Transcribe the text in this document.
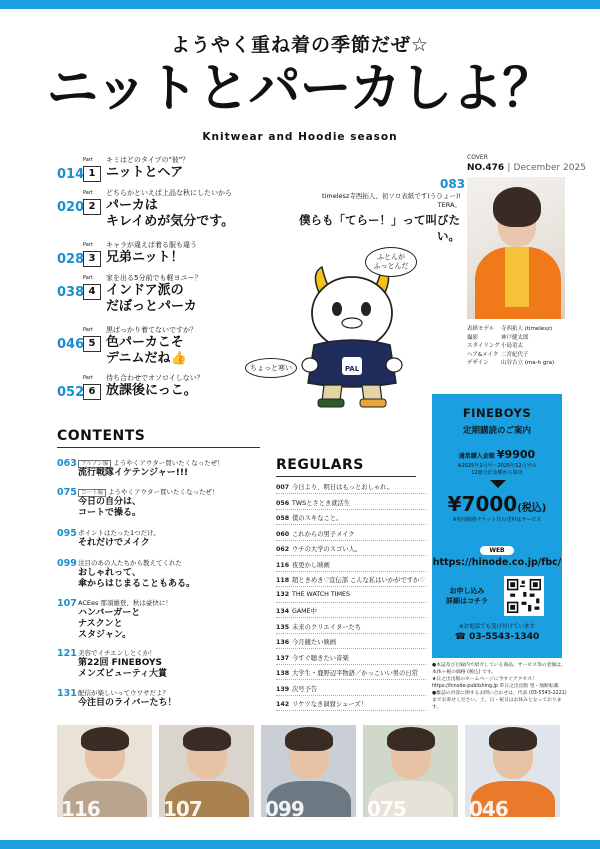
ようやく重ね着の季節だぜ☆
ニットとパーカしよ？
Knitwear and Hoodie season
014
Part
1
キミはどのタイプの"彼"？
ニットとヘア
020
Part
2
どちらかといえば上品な秋にしたいから
パーカは
キレイめが気分です。
028
Part
3
キャラが違えば着る服も違う
兄弟ニット！
038
Part
4
家を出る5分前でも軽ヨユー？
インドア派の
だぼっとパーカ
046
Part
5
黒ばっかり着てないですか？
色パーカこそ
デニムだね👍
052
Part
6
待ち合わせでオソロイしない？
放課後にっこ。
COVER
NO.476 | December 2025
表紙モデル	寺西拓人 (timelesz)
撮影	神戸健太郎
スタイリング 小島竜太
ヘア&メイク 二宮紀代子
デザイン	山谷吉立 (ma-h gra)
083
timelesz寺西拓人、初ソロ表紙です(うひょー)!
TERA。
僕らも「てらー！」って叫びたい。
PAL
ふとんが
ふっとんだ
ちょっと寒い
CONTENTS
063 ブルゾン編 ようやくアウター買いたくなったぜ！
流行戦隊イケテンジャー!!!
075 コート編 ようやくアウター買いたくなったぜ！
今日の自分は、
コートで操る。
095 ポイントはたった1つだけ。
それだけでメイク
099 注目のあの人たちから教えてくれた
おしゃれって、
傘からはじまることもある。
107 ACEes 那須雄登、秋は豪快に！
ハンバーガーと
ナスクンと
スタジャン。
121 美容でイチエンしとくか！
第22回 FINEBOYS
メンズビューティ大賞
131 配信が楽しいってウワサだよ？
今注目のライバーたち！
REGULARS
007 今日より、明日はもっとおしゃれ。
056 TWSとさとき就活生
058 僕のスキなこと。
060 これからの男子メイク
062 ウチの大学のスゴい人。
116 夜更かし映画
118 超ときめき♡宣伝部 こんな私はいかがですか♡
132 THE WATCH TIMES
134 GAME中
135 未来のクリエイターたち
136 今月観たい映画
137 今すぐ聴きたい音楽
138 大学生・鹿野辺平物語／かっこいい男の日常
139 次号予告
142 リケツなき洞窟シューズ！
FINEBOYS
定期購読のご案内
通常購入金額 ¥9900
※2025年1月号〜2025年12月号の
12冊合計金額から算出
¥7000(税込)
※特別価格チケット代の送料はサービス
WEB
https://hinode.co.jp/fbc/
お申し込み
詳細はコチラ
※お電話でも受け付けています
☎ 03-5543-1340
●本誌及び目録内で紹介している商品、サービス等の金額は、本体＋税の価格 (税込) です。
★日之出出版のホームページに今すぐアクセス！ https://hinode-publishing.jp ©日之出出版 望・無断転載
●雑誌の内容に関するお問い合わせは、代表 (03-5543-2221) までお寄せください。土、日・祝日はお休みとなっております。
116	107	099	075	046
